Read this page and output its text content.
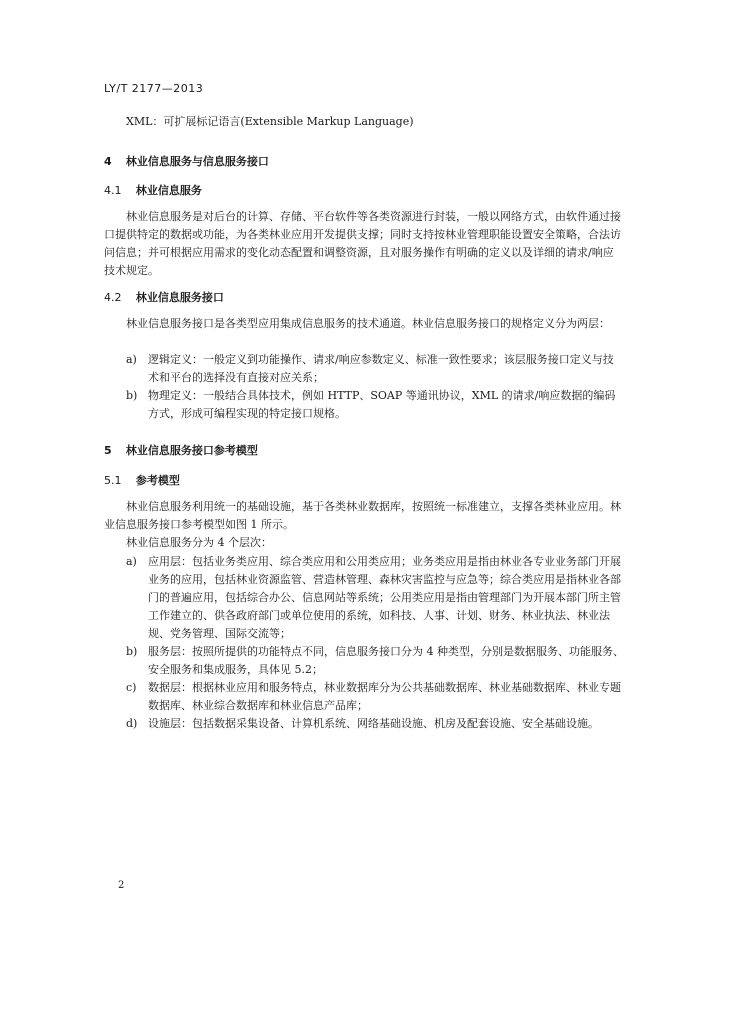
LY/T 2177—2013
XML：可扩展标记语言(Extensible Markup Language)
4 林业信息服务与信息服务接口
4.1 林业信息服务

林业信息服务是对后台的计算、存储、平台软件等各类资源进行封装，一般以网络方式，由软件通过接口提供特定的数据或功能，为各类林业应用开发提供支撑；同时支持按林业管理职能设置安全策略，合法访问信息；并可根据应用需求的变化动态配置和调整资源，且对服务操作有明确的定义以及详细的请求/响应技术规定。

4.2 林业信息服务接口

林业信息服务接口是各类型应用集成信息服务的技术通道。林业信息服务接口的规格定义分为两层：

a) 逻辑定义：一般定义到功能操作、请求/响应参数定义、标准一致性要求；该层服务接口定义与技术和平台的选择没有直接对应关系；
b) 物理定义：一般结合具体技术，例如 HTTP、SOAP 等通讯协议，XML 的请求/响应数据的编码方式，形成可编程实现的特定接口规格。
5 林业信息服务接口参考模型
5.1 参考模型

林业信息服务利用统一的基础设施，基于各类林业数据库，按照统一标准建立，支撑各类林业应用。林业信息服务接口参考模型如图 1 所示。

林业信息服务分为 4 个层次：

a) 应用层：包括业务类应用、综合类应用和公用类应用；业务类应用是指由林业各专业业务部门开展业务的应用，包括林业资源监管、营造林管理、森林灾害监控与应急等；综合类应用是指林业各部门的普遍应用，包括综合办公、信息网站等系统；公用类应用是指由管理部门为开展本部门所主管工作建立的、供各政府部门或单位使用的系统，如科技、人事、计划、财务、林业执法、林业法规、党务管理、国际交流等；
b) 服务层：按照所提供的功能特点不同，信息服务接口分为 4 种类型，分别是数据服务、功能服务、安全服务和集成服务，具体见 5.2；
c) 数据层：根据林业应用和服务特点，林业数据库分为公共基础数据库、林业基础数据库、林业专题数据库、林业综合数据库和林业信息产品库；
d) 设施层：包括数据采集设备、计算机系统、网络基础设施、机房及配套设施、安全基础设施。
2
